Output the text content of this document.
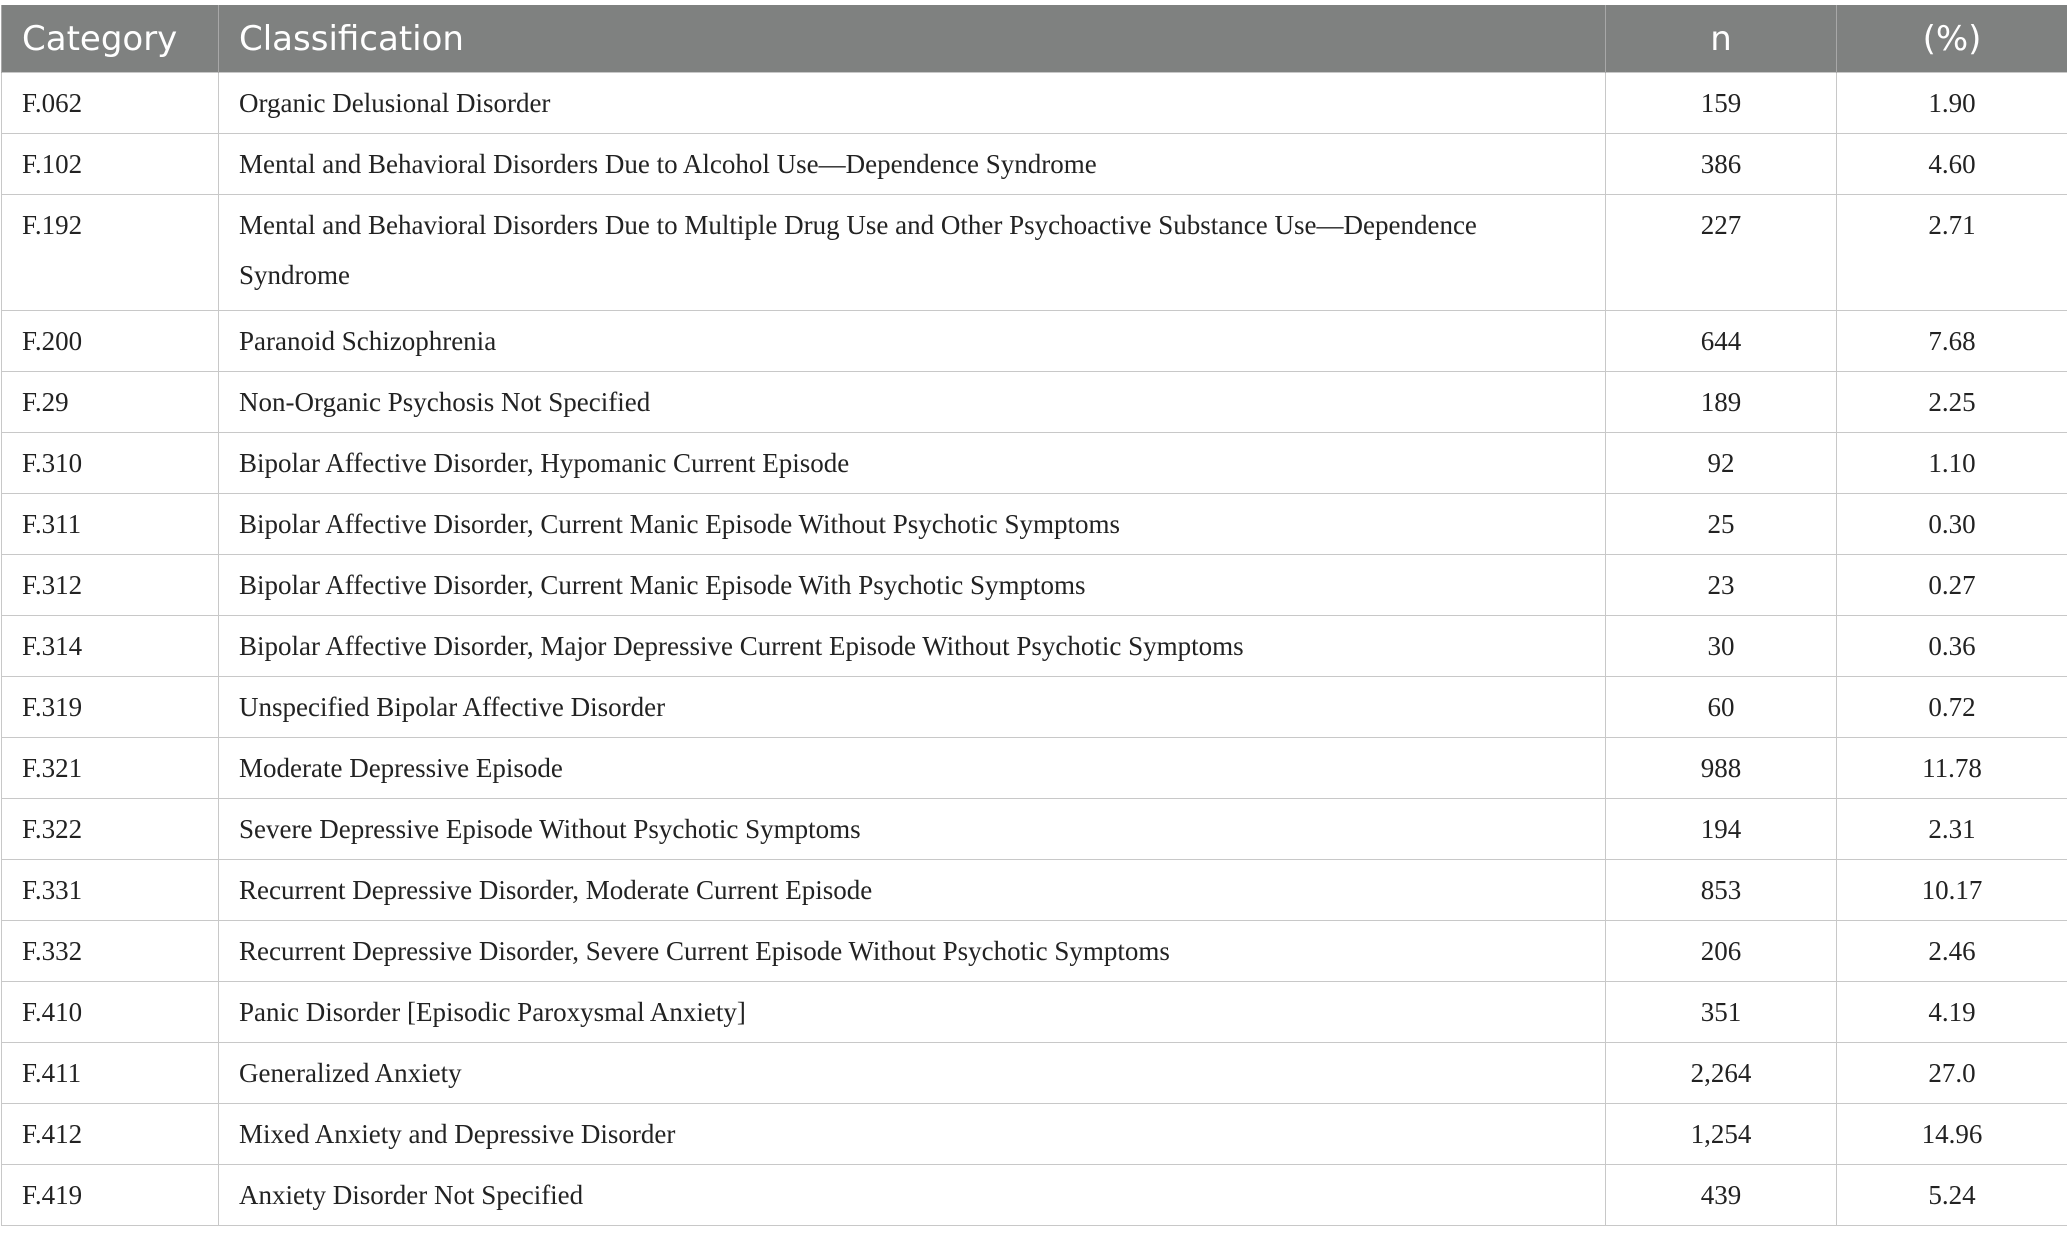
Category	Classification	n	(%)
F.062	Organic Delusional Disorder	159	1.90
F.102	Mental and Behavioral Disorders Due to Alcohol Use—Dependence Syndrome	386	4.60
F.192	Mental and Behavioral Disorders Due to Multiple Drug Use and Other Psychoactive Substance Use—Dependence Syndrome	227	2.71
F.200	Paranoid Schizophrenia	644	7.68
F.29	Non-Organic Psychosis Not Specified	189	2.25
F.310	Bipolar Affective Disorder, Hypomanic Current Episode	92	1.10
F.311	Bipolar Affective Disorder, Current Manic Episode Without Psychotic Symptoms	25	0.30
F.312	Bipolar Affective Disorder, Current Manic Episode With Psychotic Symptoms	23	0.27
F.314	Bipolar Affective Disorder, Major Depressive Current Episode Without Psychotic Symptoms	30	0.36
F.319	Unspecified Bipolar Affective Disorder	60	0.72
F.321	Moderate Depressive Episode	988	11.78
F.322	Severe Depressive Episode Without Psychotic Symptoms	194	2.31
F.331	Recurrent Depressive Disorder, Moderate Current Episode	853	10.17
F.332	Recurrent Depressive Disorder, Severe Current Episode Without Psychotic Symptoms	206	2.46
F.410	Panic Disorder [Episodic Paroxysmal Anxiety]	351	4.19
F.411	Generalized Anxiety	2,264	27.0
F.412	Mixed Anxiety and Depressive Disorder	1,254	14.96
F.419	Anxiety Disorder Not Specified	439	5.24
